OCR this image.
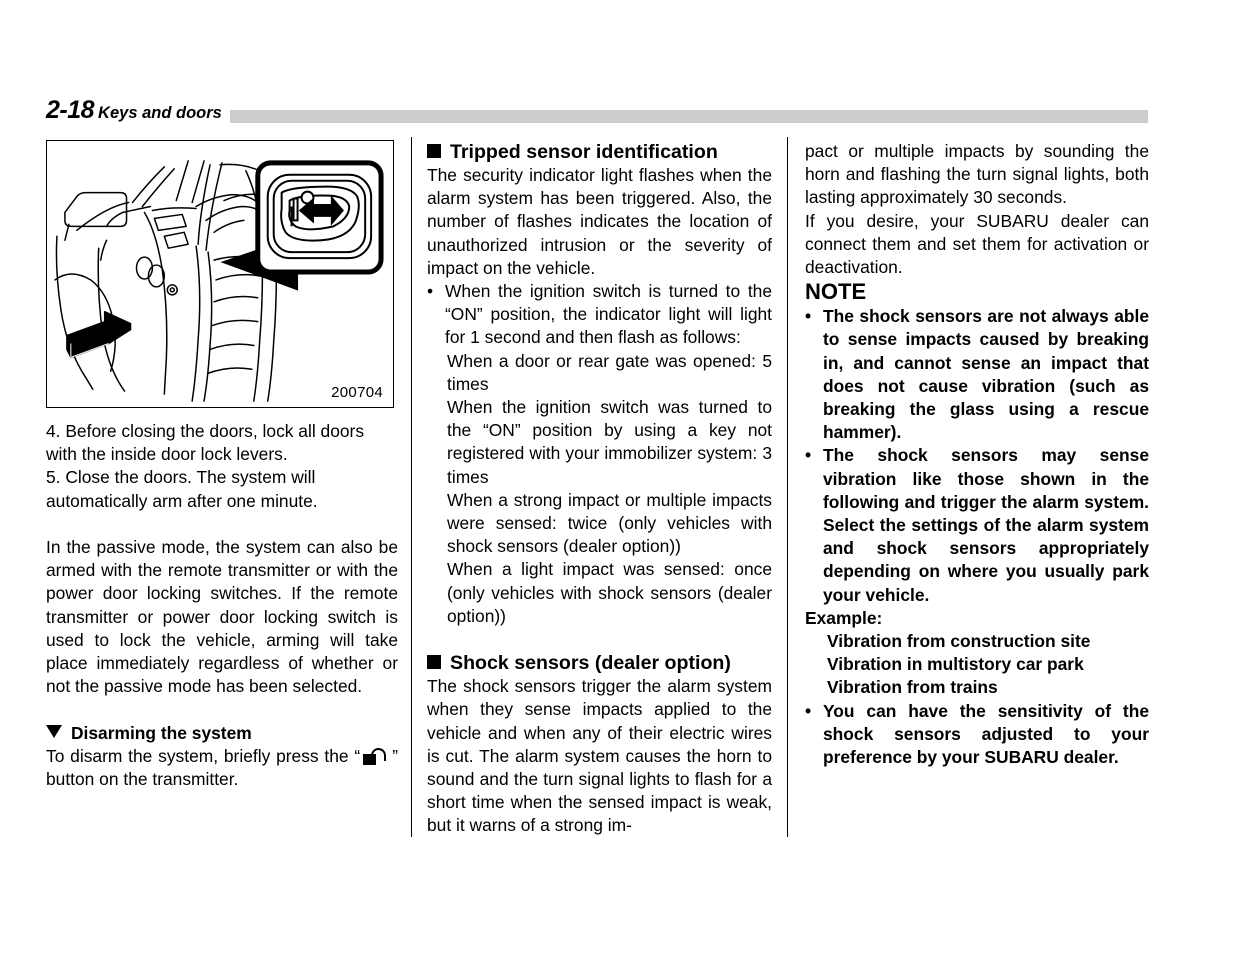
2-18 Keys and doors
200704

4. Before closing the doors, lock all doors with the inside door lock levers.

5. Close the doors. The system will automatically arm after one minute.

In the passive mode, the system can also be armed with the remote transmitter or with the power door locking switches. If the remote transmitter or power door locking switch is used to lock the vehicle, arming will take place immediately regardless of whether or not the passive mode has been selected.

Disarming the system

To disarm the system, briefly press the “ ” button on the transmitter.

Tripped sensor identification

The security indicator light flashes when the alarm system has been triggered. Also, the number of flashes indicates the location of unauthorized intrusion or the severity of impact on the vehicle.

• When the ignition switch is turned to the “ON” position, the indicator light will light for 1 second and then flash as follows:

When a door or rear gate was opened: 5 times

When the ignition switch was turned to the “ON” position by using a key not registered with your immobilizer system: 3 times

When a strong impact or multiple impacts were sensed: twice (only vehicles with shock sensors (dealer option))

When a light impact was sensed: once (only vehicles with shock sensors (dealer option))

Shock sensors (dealer option)

The shock sensors trigger the alarm system when they sense impacts applied to the vehicle and when any of their electric wires is cut. The alarm system causes the horn to sound and the turn signal lights to flash for a short time when the sensed impact is weak, but it warns of a strong im-

pact or multiple impacts by sounding the horn and flashing the turn signal lights, both lasting approximately 30 seconds.

If you desire, your SUBARU dealer can connect them and set them for activation or deactivation.

NOTE

• The shock sensors are not always able to sense impacts caused by breaking in, and cannot sense an impact that does not cause vibration (such as breaking the glass using a rescue hammer).
• The shock sensors may sense vibration like those shown in the following and trigger the alarm system. Select the settings of the alarm system and shock sensors appropriately depending on where you usually park your vehicle.

Example:

Vibration from construction site

Vibration in multistory car park

Vibration from trains

• You can have the sensitivity of the shock sensors adjusted to your preference by your SUBARU dealer.
